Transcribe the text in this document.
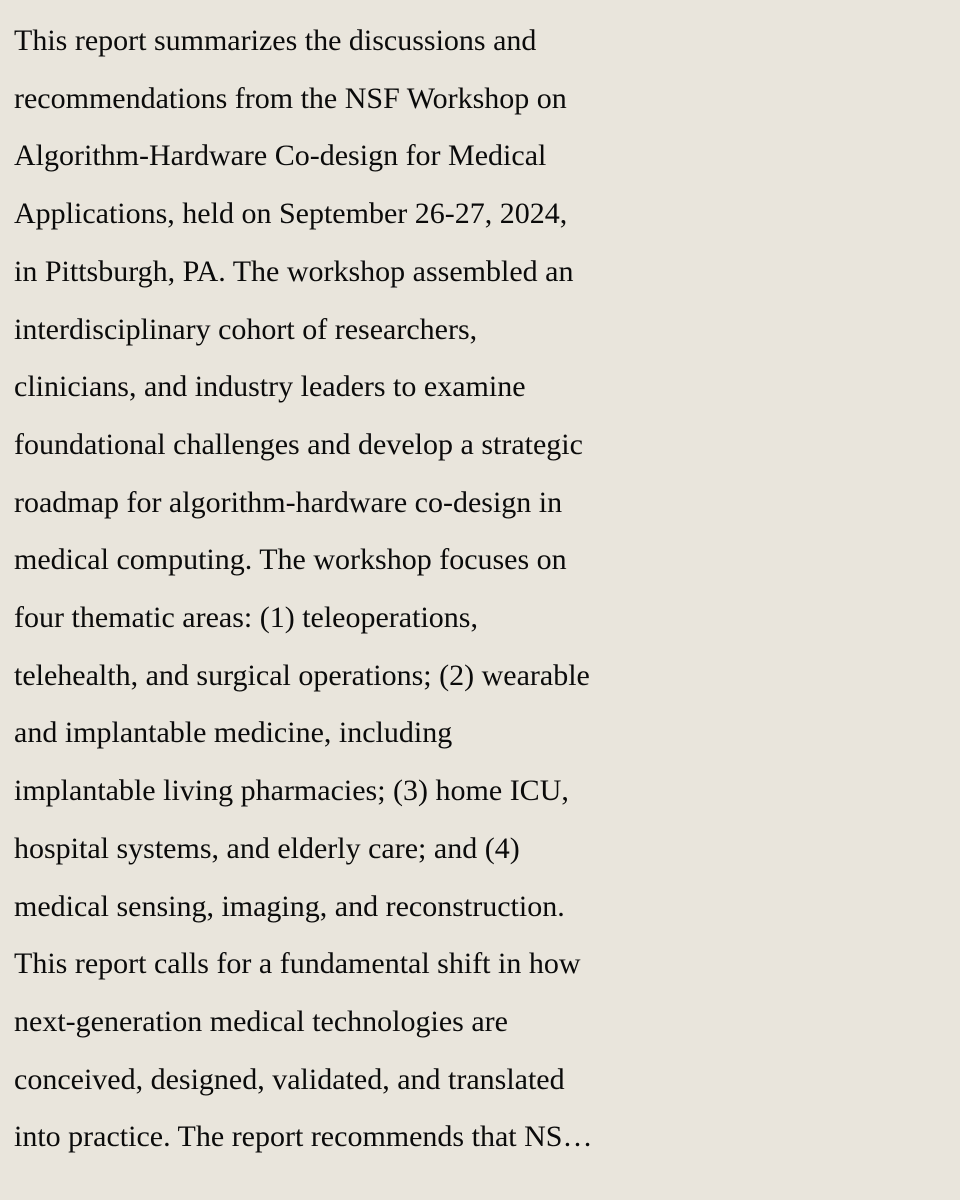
This report summarizes the discussions and
recommendations from the NSF Workshop on
Algorithm-Hardware Co-design for Medical
Applications, held on September 26-27, 2024,
in Pittsburgh, PA. The workshop assembled an
interdisciplinary cohort of researchers,
clinicians, and industry leaders to examine
foundational challenges and develop a strategic
roadmap for algorithm-hardware co-design in
medical computing. The workshop focuses on
four thematic areas: (1) teleoperations,
telehealth, and surgical operations; (2) wearable
and implantable medicine, including
implantable living pharmacies; (3) home ICU,
hospital systems, and elderly care; and (4)
medical sensing, imaging, and reconstruction.
This report calls for a fundamental shift in how
next-generation medical technologies are
conceived, designed, validated, and translated
into practice. The report recommends that NS…
